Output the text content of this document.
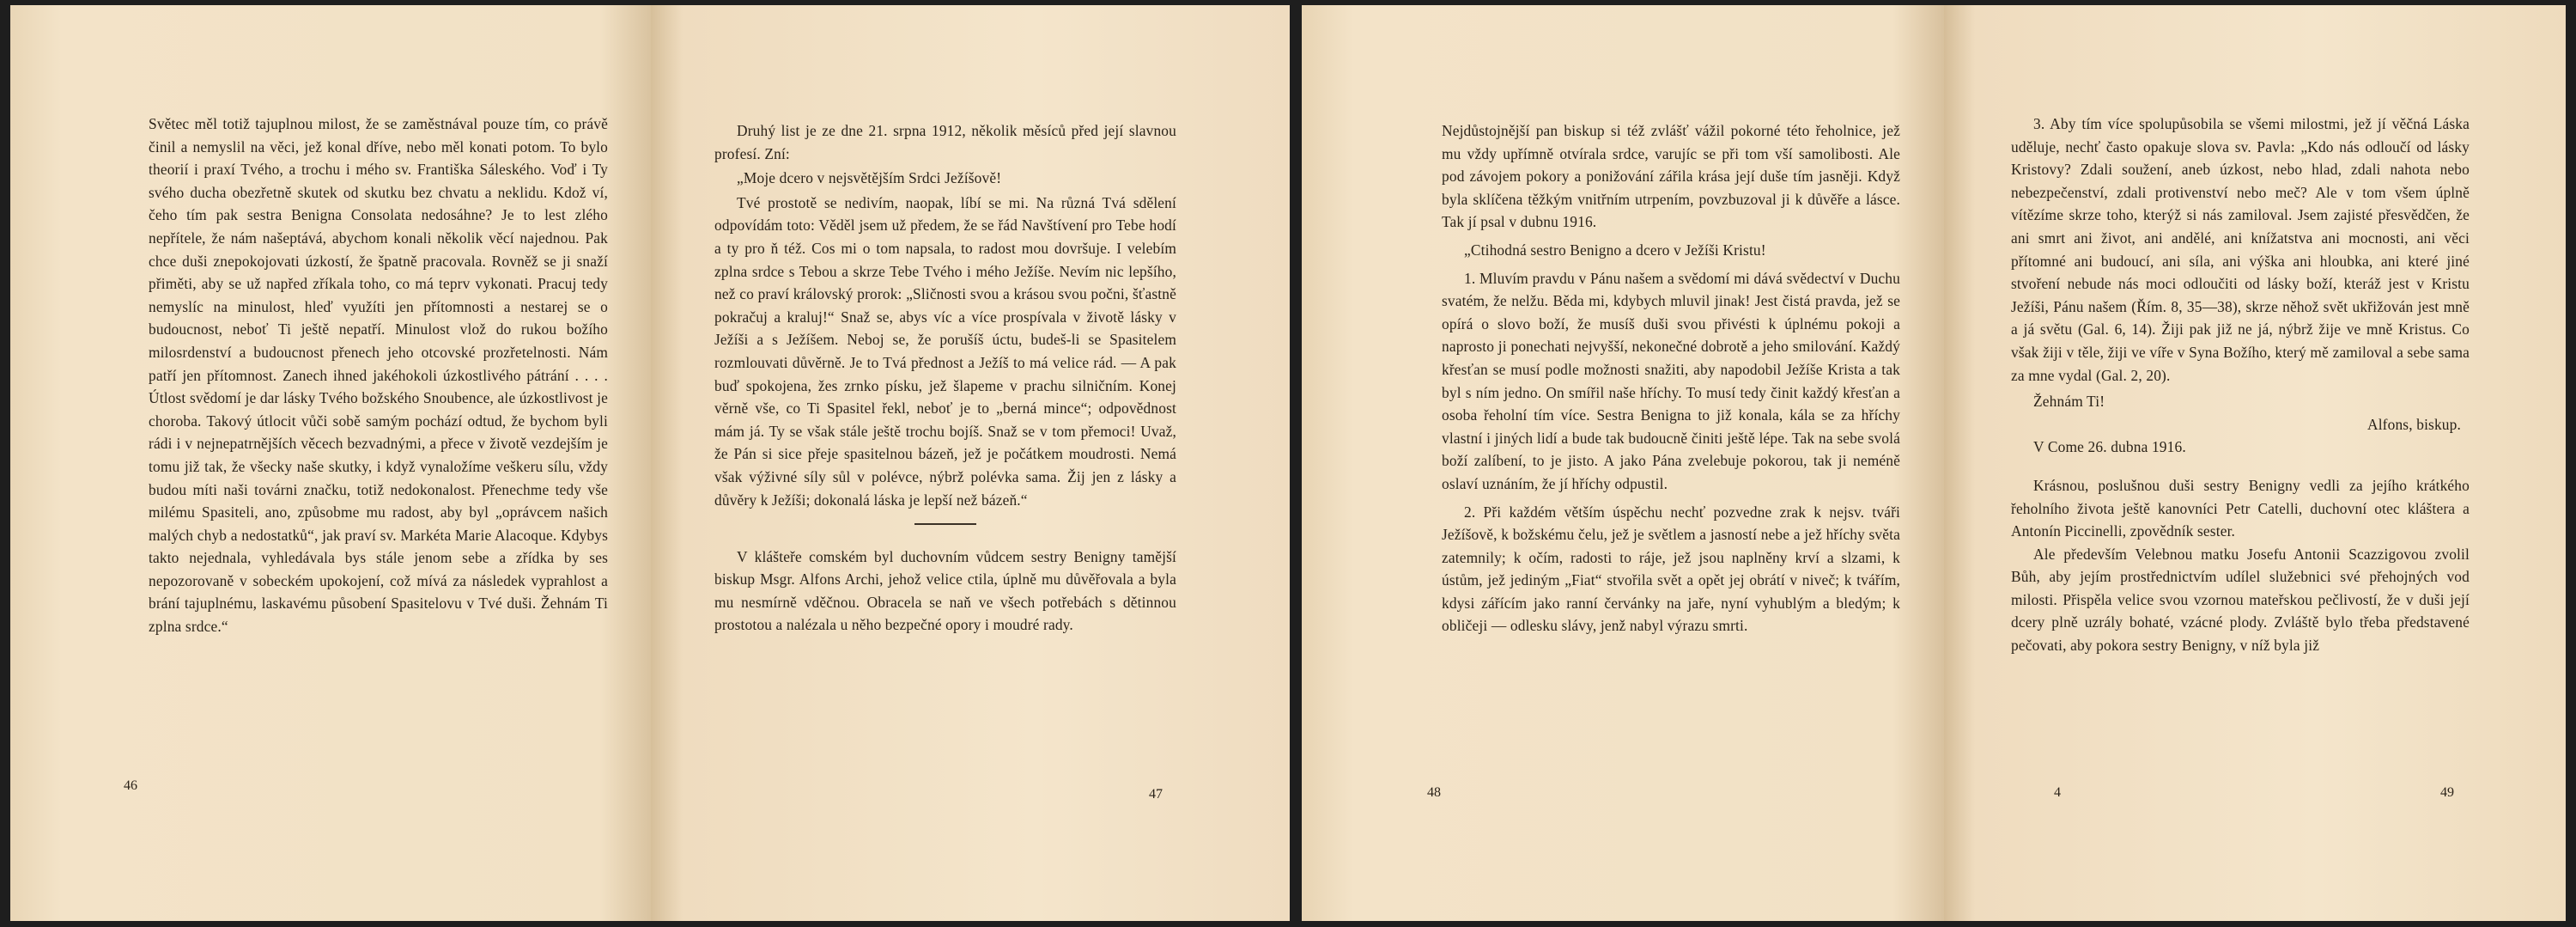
Světec měl totiž tajuplnou milost, že se zaměstnával pouze tím, co právě činil a nemyslil na věci, jež konal dříve, nebo měl konati potom. To bylo theorií i praxí Tvého, a trochu i mého sv. Františka Sáleského. Voď i Ty svého ducha obezřetně skutek od skutku bez chvatu a neklidu. Kdož ví, čeho tím pak sestra Benigna Consolata nedosáhne? Je to lest zlého nepřítele, že nám našeptává, abychom konali několik věcí najednou. Pak chce duši znepokojovati úzkostí, že špatně pracovala. Rovněž se ji snaží přiměti, aby se už napřed zříkala toho, co má teprv vykonati. Pracuj tedy nemyslíc na minulost, hleď využíti jen přítomnosti a nestarej se o budoucnost, neboť Ti ještě nepatří. Minulost vlož do rukou božího milosrdenství a budoucnost přenech jeho otcovské prozřetelnosti. Nám patří jen přítomnost. Zanech ihned jakéhokoli úzkostlivého pátrání . . . . Útlost svědomí je dar lásky Tvého božského Snoubence, ale úzkostlivost je choroba. Takový útlocit vůči sobě samým pochází odtud, že bychom byli rádi i v nejnepatrnějších věcech bezvadnými, a přece v životě vezdejším je tomu již tak, že všecky naše skutky, i když vynaložíme veškeru sílu, vždy budou míti naši továrni značku, totiž nedokonalost. Přenechme tedy vše milému Spasiteli, ano, způsobme mu radost, aby byl „oprávcem našich malých chyb a nedostatků“, jak praví sv. Markéta Marie Alacoque. Kdybys takto nejednala, vyhledávala bys stále jenom sebe a zřídka by ses nepozorovaně v sobeckém upokojení, což mívá za následek vyprahlost a brání tajuplnému, laskavému působení Spasitelovu v Tvé duši. Žehnám Ti zplna srdce.“

46

Druhý list je ze dne 21. srpna 1912, několik měsíců před její slavnou profesí. Zní:

„Moje dcero v nejsvětějším Srdci Ježíšově!

Tvé prostotě se nedivím, naopak, líbí se mi. Na různá Tvá sdělení odpovídám toto: Věděl jsem už předem, že se řád Navštívení pro Tebe hodí a ty pro ň též. Cos mi o tom napsala, to radost mou dovršuje. I velebím zplna srdce s Tebou a skrze Tebe Tvého i mého Ježíše. Nevím nic lepšího, než co praví královský prorok: „Sličnosti svou a krásou svou počni, šťastně pokračuj a kraluj!“ Snaž se, abys víc a více prospívala v životě lásky v Ježíši a s Ježíšem. Neboj se, že porušíš úctu, budeš-li se Spasitelem rozmlouvati důvěrně. Je to Tvá přednost a Ježíš to má velice rád. — A pak buď spokojena, žes zrnko písku, jež šlapeme v prachu silničním. Konej věrně vše, co Ti Spasitel řekl, neboť je to „berná mince“; odpovědnost mám já. Ty se však stále ještě trochu bojíš. Snaž se v tom přemoci! Uvaž, že Pán si sice přeje spasitelnou bázeň, jež je počátkem moudrosti. Nemá však výživné síly sůl v polévce, nýbrž polévka sama. Žij jen z lásky a důvěry k Ježíši; dokonalá láska je lepší než bázeň.“

V klášteře comském byl duchovním vůdcem sestry Benigny tamější biskup Msgr. Alfons Archi, jehož velice ctila, úplně mu důvěřovala a byla mu nesmírně vděčnou. Obracela se naň ve všech potřebách s dětinnou prostotou a nalézala u něho bezpečné opory i moudré rady.

47

Nejdůstojnější pan biskup si též zvlášť vážil pokorné této řeholnice, jež mu vždy upřímně otvírala srdce, varujíc se při tom vší samolibosti. Ale pod závojem pokory a ponižování zářila krása její duše tím jasněji. Když byla sklíčena těžkým vnitřním utrpením, povzbuzoval ji k důvěře a lásce. Tak jí psal v dubnu 1916.

„Ctihodná sestro Benigno a dcero v Ježíši Kristu!

1. Mluvím pravdu v Pánu našem a svědomí mi dává svědectví v Duchu svatém, že nelžu. Běda mi, kdybych mluvil jinak! Jest čistá pravda, jež se opírá o slovo boží, že musíš duši svou přivésti k úplnému pokoji a naprosto ji ponechati nejvyšší, nekonečné dobrotě a jeho smilování. Každý křesťan se musí podle možnosti snažiti, aby napodobil Ježíše Krista a tak byl s ním jedno. On smířil naše hříchy. To musí tedy činit každý křesťan a osoba řeholní tím více. Sestra Benigna to již konala, kála se za hříchy vlastní i jiných lidí a bude tak budoucně činiti ještě lépe. Tak na sebe svolá boží zalíbení, to je jisto. A jako Pána zvelebuje pokorou, tak ji neméně oslaví uznáním, že jí hříchy odpustil.

2. Při každém větším úspěchu nechť pozvedne zrak k nejsv. tváři Ježíšově, k božskému čelu, jež je světlem a jasností nebe a jež hříchy světa zatemnily; k očím, radosti to ráje, jež jsou naplněny krví a slzami, k ústům, jež jediným „Fiat“ stvořila svět a opět jej obrátí v niveč; k tvářím, kdysi zářícím jako ranní červánky na jaře, nyní vyhublým a bledým; k obličeji — odlesku slávy, jenž nabyl výrazu smrti.

48

3. Aby tím více spolupůsobila se všemi milostmi, jež jí věčná Láska uděluje, nechť často opakuje slova sv. Pavla: „Kdo nás odloučí od lásky Kristovy? Zdali soužení, aneb úzkost, nebo hlad, zdali nahota nebo nebezpečenství, zdali protivenství nebo meč? Ale v tom všem úplně vítězíme skrze toho, kterýž si nás zamiloval. Jsem zajisté přesvědčen, že ani smrt ani život, ani andělé, ani knížatstva ani mocnosti, ani věci přítomné ani budoucí, ani síla, ani výška ani hloubka, ani které jiné stvoření nebude nás moci odloučiti od lásky boží, kteráž jest v Kristu Ježíši, Pánu našem (Řím. 8, 35—38), skrze něhož svět ukřižován jest mně a já světu (Gal. 6, 14). Žiji pak již ne já, nýbrž žije ve mně Kristus. Co však žiji v těle, žiji ve víře v Syna Božího, který mě zamiloval a sebe sama za mne vydal (Gal. 2, 20).

Žehnám Ti!

Alfons, biskup.

V Come 26. dubna 1916.

Krásnou, poslušnou duši sestry Benigny vedli za jejího krátkého řeholního života ještě kanovníci Petr Catelli, duchovní otec kláštera a Antonín Piccinelli, zpovědník sester.

Ale především Velebnou matku Josefu Antonii Scazzigovou zvolil Bůh, aby jejím prostřednictvím udílel služebnici své přehojných vod milosti. Přispěla velice svou vzornou mateřskou pečlivostí, že v duši její dcery plně uzrály bohaté, vzácné plody. Zvláště bylo třeba představené pečovati, aby pokora sestry Benigny, v níž byla již

4	49
